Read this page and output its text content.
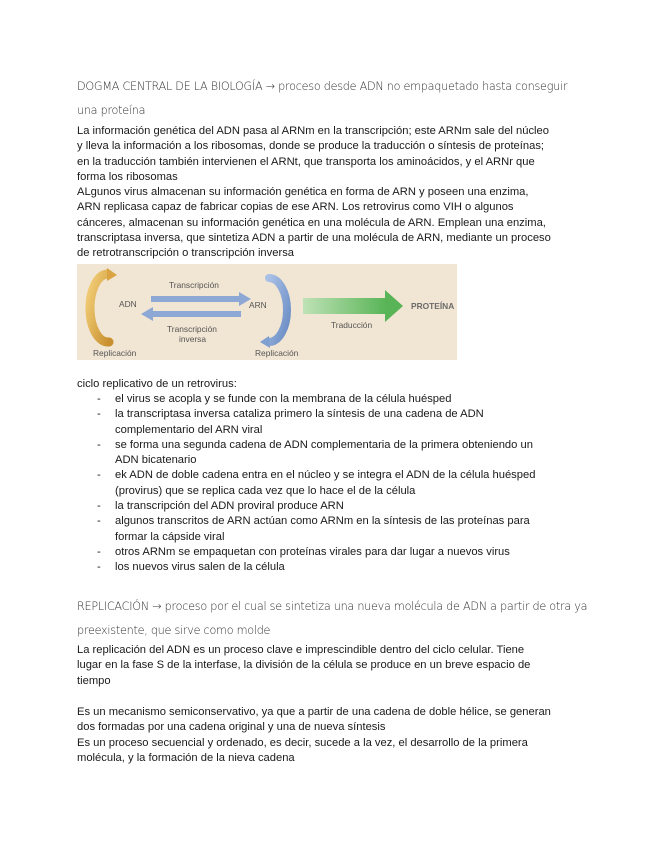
DOGMA CENTRAL DE LA BIOLOGÍA → proceso desde ADN no empaquetado hasta conseguir

una proteína

La información genética del ADN pasa al ARNm en la transcripción; este ARNm sale del núcleo
y lleva la información a los ribosomas, donde se produce la traducción o síntesis de proteínas;
en la traducción también intervienen el ARNt, que transporta los aminoácidos, y el ARNr que
forma los ribosomas
ALgunos virus almacenan su información genética en forma de ARN y poseen una enzima,
ARN replicasa capaz de fabricar copias de ese ARN. Los retrovirus como VIH o algunos
cánceres, almacenan su información genética en una molécula de ARN. Emplean una enzima,
transcriptasa inversa, que sintetiza ADN a partir de una molécula de ARN, mediante un proceso
de retrotranscripción o transcripción inversa
ADN	ARN	PROTEÍNA
Transcripción
Transcripción
inversa
Traducción
Replicación	Replicación
ciclo replicativo de un retrovirus:
- el virus se acopla y se funde con la membrana de la célula huésped
- la transcriptasa inversa cataliza primero la síntesis de una cadena de ADN
complementario del ARN viral
- se forma una segunda cadena de ADN complementaria de la primera obteniendo un
ADN bicatenario
- ek ADN de doble cadena entra en el núcleo y se integra el ADN de la célula huésped
(provirus) que se replica cada vez que lo hace el de la célula
- la transcripción del ADN proviral produce ARN
- algunos transcritos de ARN actúan como ARNm en la síntesis de las proteínas para
formar la cápside viral
- otros ARNm se empaquetan con proteínas virales para dar lugar a nuevos virus
- los nuevos virus salen de la célula

REPLICACIÓN → proceso por el cual se sintetiza una nueva molécula de ADN a partir de otra ya

preexistente, que sirve como molde

La replicación del ADN es un proceso clave e imprescindible dentro del ciclo celular. Tiene
lugar en la fase S de la interfase, la división de la célula se produce en un breve espacio de
tiempo
Es un mecanismo semiconservativo, ya que a partir de una cadena de doble hélice, se generan
dos formadas por una cadena original y una de nueva síntesis
Es un proceso secuencial y ordenado, es decir, sucede a la vez, el desarrollo de la primera
molécula, y la formación de la nieva cadena
